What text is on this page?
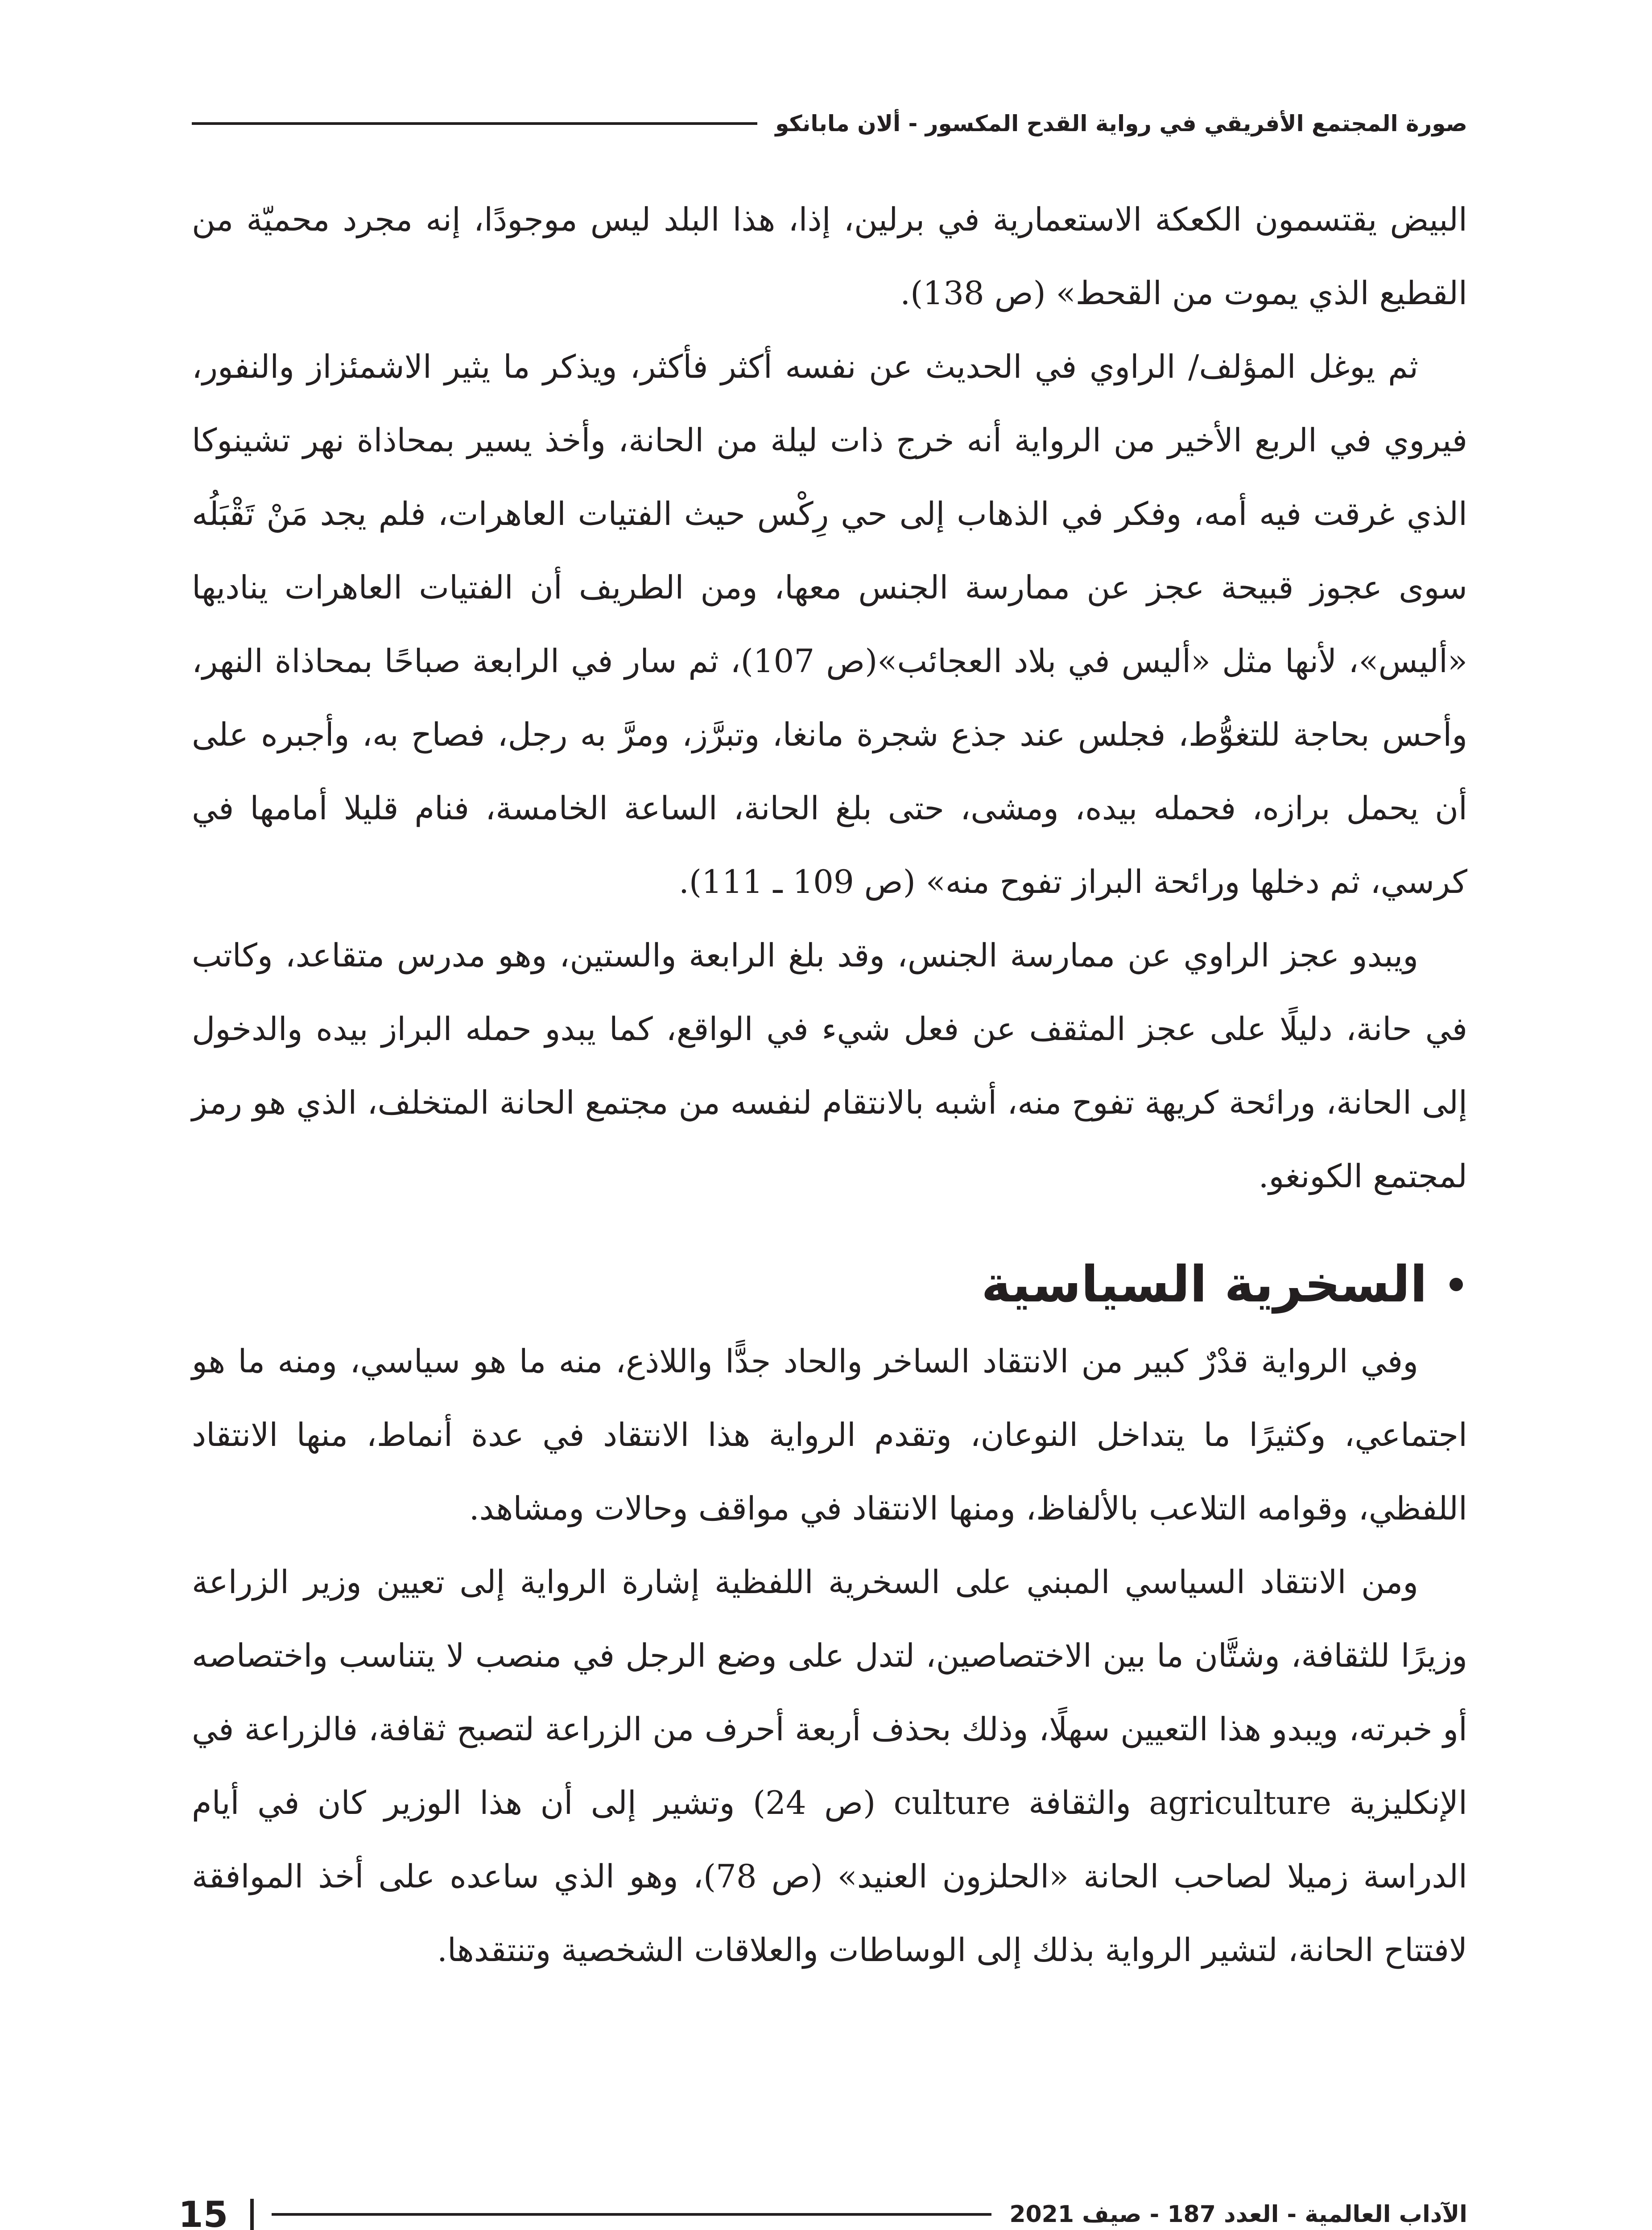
صورة المجتمع الأفريقي في رواية القدح المكسور - ألان مابانكو

البيض يقتسمون الكعكة الاستعمارية في برلين، إذا، هذا البلد ليس موجودًا، إنه مجرد محميّة من القطيع الذي يموت من القحط» (ص 138).

ثم يوغل المؤلف/ الراوي في الحديث عن نفسه أكثر فأكثر، ويذكر ما يثير الاشمئزاز والنفور، فيروي في الربع الأخير من الرواية أنه خرج ذات ليلة من الحانة، وأخذ يسير بمحاذاة نهر تشينوكا الذي غرقت فيه أمه، وفكر في الذهاب إلى حي رِكْس حيث الفتيات العاهرات، فلم يجد مَنْ تَقْبَلُه سوى عجوز قبيحة عجز عن ممارسة الجنس معها، ومن الطريف أن الفتيات العاهرات يناديها «أليس»، لأنها مثل «أليس في بلاد العجائب»(ص 107)، ثم سار في الرابعة صباحًا بمحاذاة النهر، وأحس بحاجة للتغوُّط، فجلس عند جذع شجرة مانغا، وتبرَّز، ومرَّ به رجل، فصاح به، وأجبره على أن يحمل برازه، فحمله بيده، ومشى، حتى بلغ الحانة، الساعة الخامسة، فنام قليلا أمامها في كرسي، ثم دخلها ورائحة البراز تفوح منه» (ص 109 ـ 111).

ويبدو عجز الراوي عن ممارسة الجنس، وقد بلغ الرابعة والستين، وهو مدرس متقاعد، وكاتب في حانة، دليلًا على عجز المثقف عن فعل شيء في الواقع، كما يبدو حمله البراز بيده والدخول إلى الحانة، ورائحة كريهة تفوح منه، أشبه بالانتقام لنفسه من مجتمع الحانة المتخلف، الذي هو رمز لمجتمع الكونغو.

السخرية السياسية

وفي الرواية قدْرٌ كبير من الانتقاد الساخر والحاد جدًّا واللاذع، منه ما هو سياسي، ومنه ما هو اجتماعي، وكثيرًا ما يتداخل النوعان، وتقدم الرواية هذا الانتقاد في عدة أنماط، منها الانتقاد اللفظي، وقوامه التلاعب بالألفاظ، ومنها الانتقاد في مواقف وحالات ومشاهد.

ومن الانتقاد السياسي المبني على السخرية اللفظية إشارة الرواية إلى تعيين وزير الزراعة وزيرًا للثقافة، وشتَّان ما بين الاختصاصين، لتدل على وضع الرجل في منصب لا يتناسب واختصاصه أو خبرته، ويبدو هذا التعيين سهلًا، وذلك بحذف أربعة أحرف من الزراعة لتصبح ثقافة، فالزراعة في الإنكليزية agriculture والثقافة culture (ص 24) وتشير إلى أن هذا الوزير كان في أيام الدراسة زميلا لصاحب الحانة «الحلزون العنيد» (ص 78)، وهو الذي ساعده على أخذ الموافقة لافتتاح الحانة، لتشير الرواية بذلك إلى الوساطات والعلاقات الشخصية وتنتقدها.

الآداب العالمية - العدد 187 - صيف 2021
15
